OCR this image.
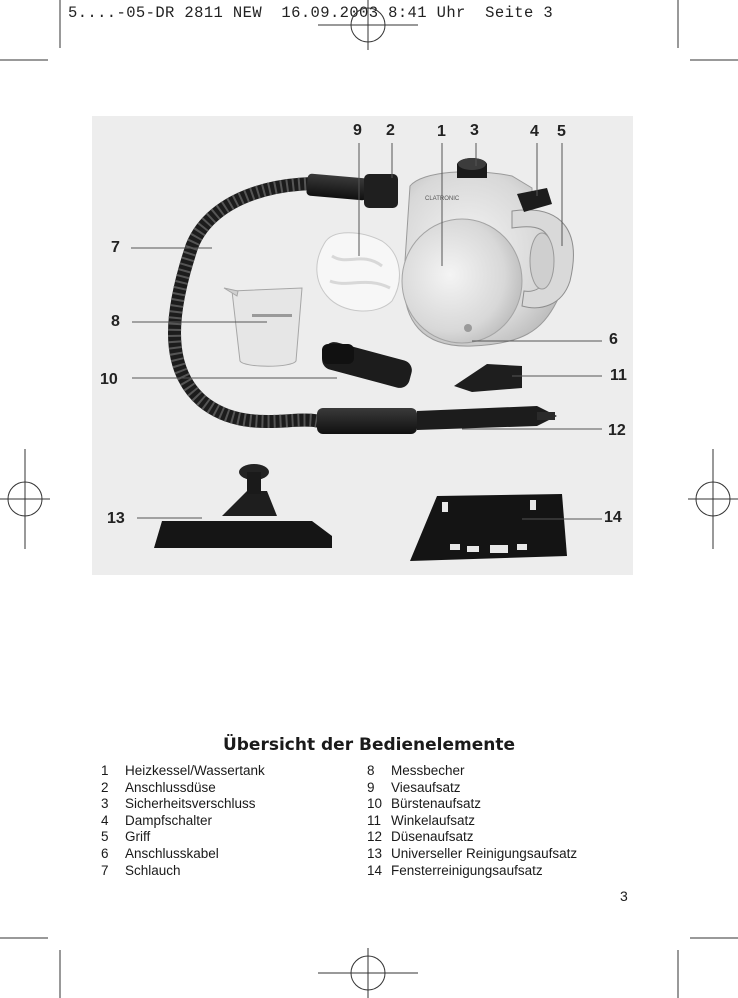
5....-05-DR 2811 NEW  16.09.2003 8:41 Uhr  Seite 3
CLATRONIC
9 2	1 3	4 5
7
8
6
10	11
12
13	14
Übersicht der Bedienelemente
1	Heizkessel/Wassertank
2	Anschlussdüse
3	Sicherheitsverschluss
4	Dampfschalter
5	Griff
6	Anschlusskabel
7	Schlauch
8	Messbecher
9	Viesaufsatz
10 Bürstenaufsatz
11 Winkelaufsatz
12 Düsenaufsatz
13 Universeller Reinigungsaufsatz
14 Fensterreinigungsaufsatz
3
